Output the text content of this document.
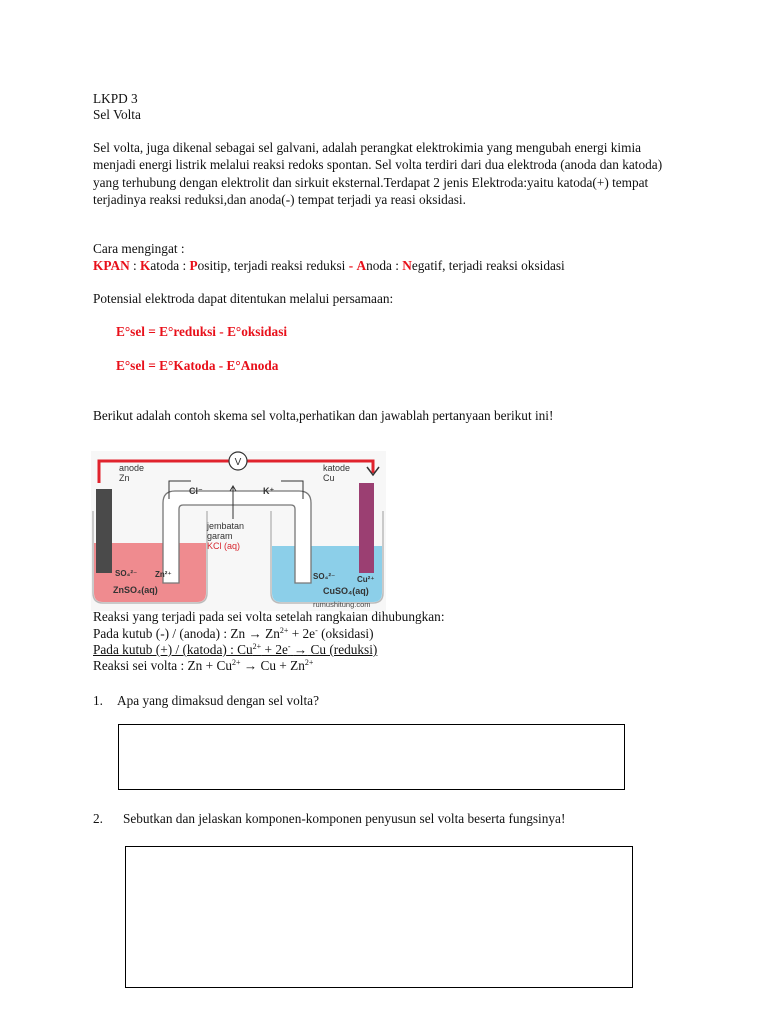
LKPD 3
Sel Volta
Sel volta, juga dikenal sebagai sel galvani, adalah perangkat elektrokimia yang mengubah energi kimia menjadi energi listrik melalui reaksi redoks spontan. Sel volta terdiri dari dua elektroda (anoda dan katoda) yang terhubung dengan elektrolit dan sirkuit eksternal.Terdapat 2 jenis Elektroda:yaitu katoda(+) tempat terjadinya reaksi reduksi,dan anoda(-) tempat terjadi ya reasi oksidasi.
Cara mengingat :
KPAN : Katoda : Positip, terjadi reaksi reduksi - Anoda : Negatif, terjadi reaksi oksidasi
Potensial elektroda dapat ditentukan melalui persamaan:
E°sel = E°reduksi - E°oksidasi
E°sel = E°Katoda - E°Anoda
Berikut adalah contoh skema sel volta,perhatikan dan jawablah pertanyaan berikut ini!
V
anode
Zn
katode
Cu
Cl⁻	K⁺
jembatan
garam
KCl (aq)
SO₄²⁻ Zn²⁺
ZnSO₄(aq)
SO₄²⁻	Cu²⁺
CuSO₄(aq)
rumushitung.com
Reaksi yang terjadi pada sei volta setelah rangkaian dihubungkan:
Pada kutub (-) / (anoda) : $Zn \to Zn^{2+} + 2e^-$ (oksidasi)
Pada kutub (+) / (katoda) : $Cu^{2+} + 2e^- \to Cu$ (reduksi)
Reaksi sei volta : $Zn + Cu^{2+} \to Cu + Zn^{2+}$
1. Apa yang dimaksud dengan sel volta?
2. Sebutkan dan jelaskan komponen-komponen penyusun sel volta beserta fungsinya!
